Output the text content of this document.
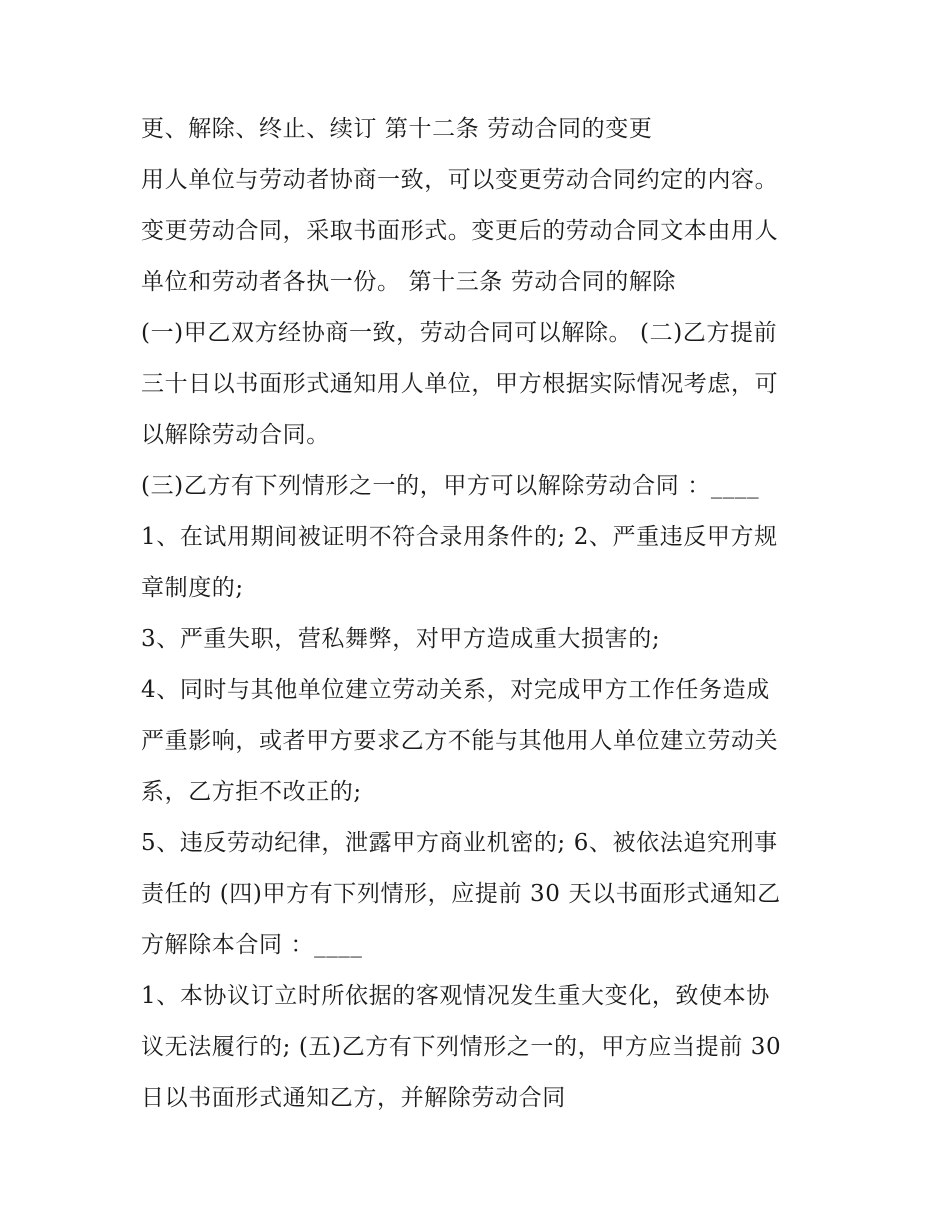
更、解除、终止、续订 第十二条 劳动合同的变更
用人单位与劳动者协商一致，可以变更劳动合同约定的内容。
变更劳动合同，采取书面形式。变更后的劳动合同文本由用人
单位和劳动者各执一份。 第十三条 劳动合同的解除
(一)甲乙双方经协商一致，劳动合同可以解除。 (二)乙方提前
三十日以书面形式通知用人单位，甲方根据实际情况考虑，可
以解除劳动合同。
(三)乙方有下列情形之一的，甲方可以解除劳动合同 ：____
1、在试用期间被证明不符合录用条件的; 2、严重违反甲方规
章制度的;
3、严重失职，营私舞弊，对甲方造成重大损害的;
4、同时与其他单位建立劳动关系，对完成甲方工作任务造成
严重影响，或者甲方要求乙方不能与其他用人单位建立劳动关
系，乙方拒不改正的;
5、违反劳动纪律，泄露甲方商业机密的; 6、被依法追究刑事
责任的 (四)甲方有下列情形，应提前 30 天以书面形式通知乙
方解除本合同 ：____
1、本协议订立时所依据的客观情况发生重大变化，致使本协
议无法履行的; (五)乙方有下列情形之一的，甲方应当提前 30
日以书面形式通知乙方，并解除劳动合同
